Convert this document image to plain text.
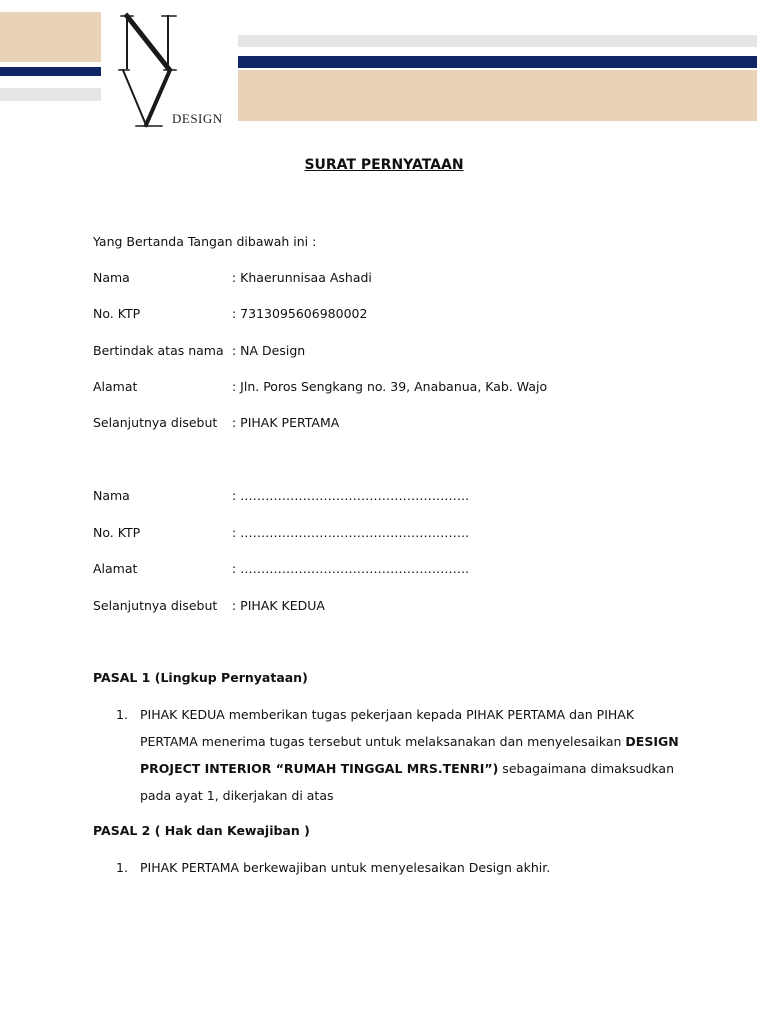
DESIGN
SURAT PERNYATAAN
Yang Bertanda Tangan dibawah ini :
Nama	: Khaerunnisaa Ashadi
No. KTP	: 7313095606980002
Bertindak atas nama : NA Design
Alamat	: Jln. Poros Sengkang no. 39, Anabanua, Kab. Wajo
Selanjutnya disebut : PIHAK PERTAMA
Nama	: ……………………………………………….
No. KTP	: ……………………………………………….
Alamat	: ……………………………………………….
Selanjutnya disebut : PIHAK KEDUA
PASAL 1 (Lingkup Pernyataan)
1. PIHAK KEDUA memberikan tugas pekerjaan kepada PIHAK PERTAMA dan PIHAK PERTAMA menerima tugas tersebut untuk melaksanakan dan menyelesaikan DESIGN PROJECT INTERIOR “RUMAH TINGGAL MRS.TENRI”) sebagaimana dimaksudkan pada ayat 1, dikerjakan di atas
PASAL 2 ( Hak dan Kewajiban )
1. PIHAK PERTAMA berkewajiban untuk menyelesaikan Design akhir.
